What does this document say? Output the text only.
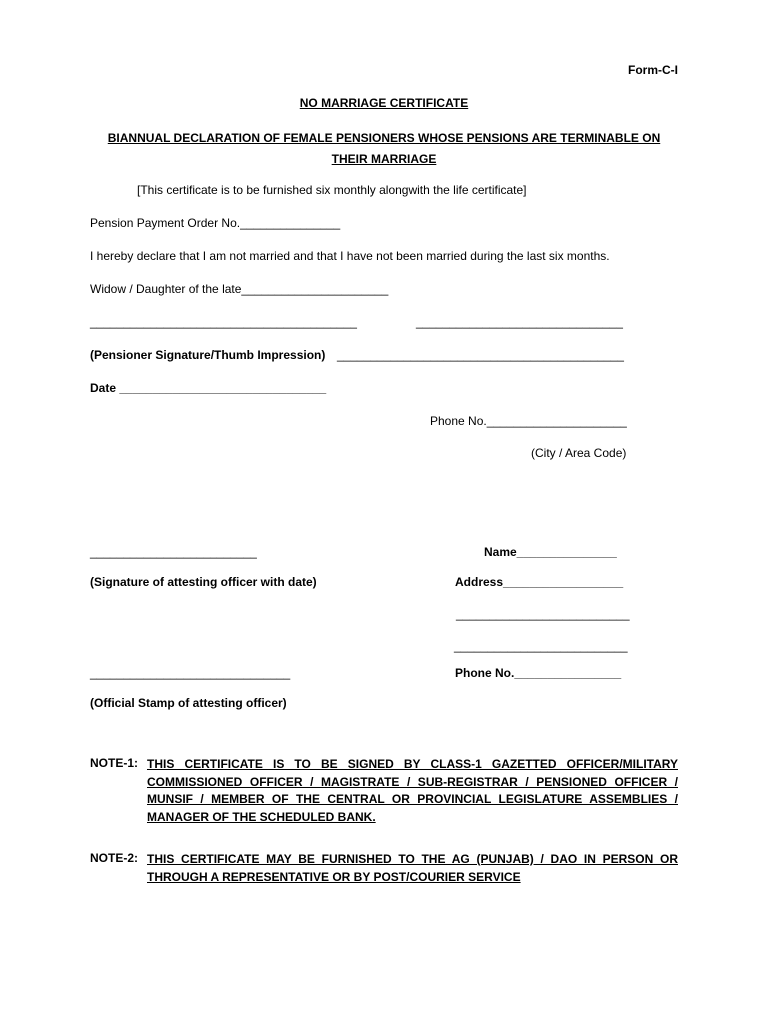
Form-C-I
NO MARRIAGE CERTIFICATE
BIANNUAL DECLARATION OF FEMALE PENSIONERS WHOSE PENSIONS ARE TERMINABLE ON THEIR MARRIAGE
[This certificate is to be furnished six monthly alongwith the life certificate]
Pension Payment Order No._______________
I hereby declare that I am not married and that I have not been married during the last six months.
Widow / Daughter of the late______________________
________________________________________	_______________________________
(Pensioner Signature/Thumb Impression) ___________________________________________
Date _______________________________
Phone No._____________________
(City / Area Code)
_________________________	Name_______________
(Signature of attesting officer with date)	Address__________________
__________________________
__________________________
______________________________	Phone No.________________
(Official Stamp of attesting officer)
NOTE-1: THIS CERTIFICATE IS TO BE SIGNED BY CLASS-1 GAZETTED OFFICER/MILITARY COMMISSIONED OFFICER / MAGISTRATE / SUB-REGISTRAR / PENSIONED OFFICER / MUNSIF / MEMBER OF THE CENTRAL OR PROVINCIAL LEGISLATURE ASSEMBLIES / MANAGER OF THE SCHEDULED BANK.
NOTE-2: THIS CERTIFICATE MAY BE FURNISHED TO THE AG (PUNJAB) / DAO IN PERSON OR THROUGH A REPRESENTATIVE OR BY POST/COURIER SERVICE
